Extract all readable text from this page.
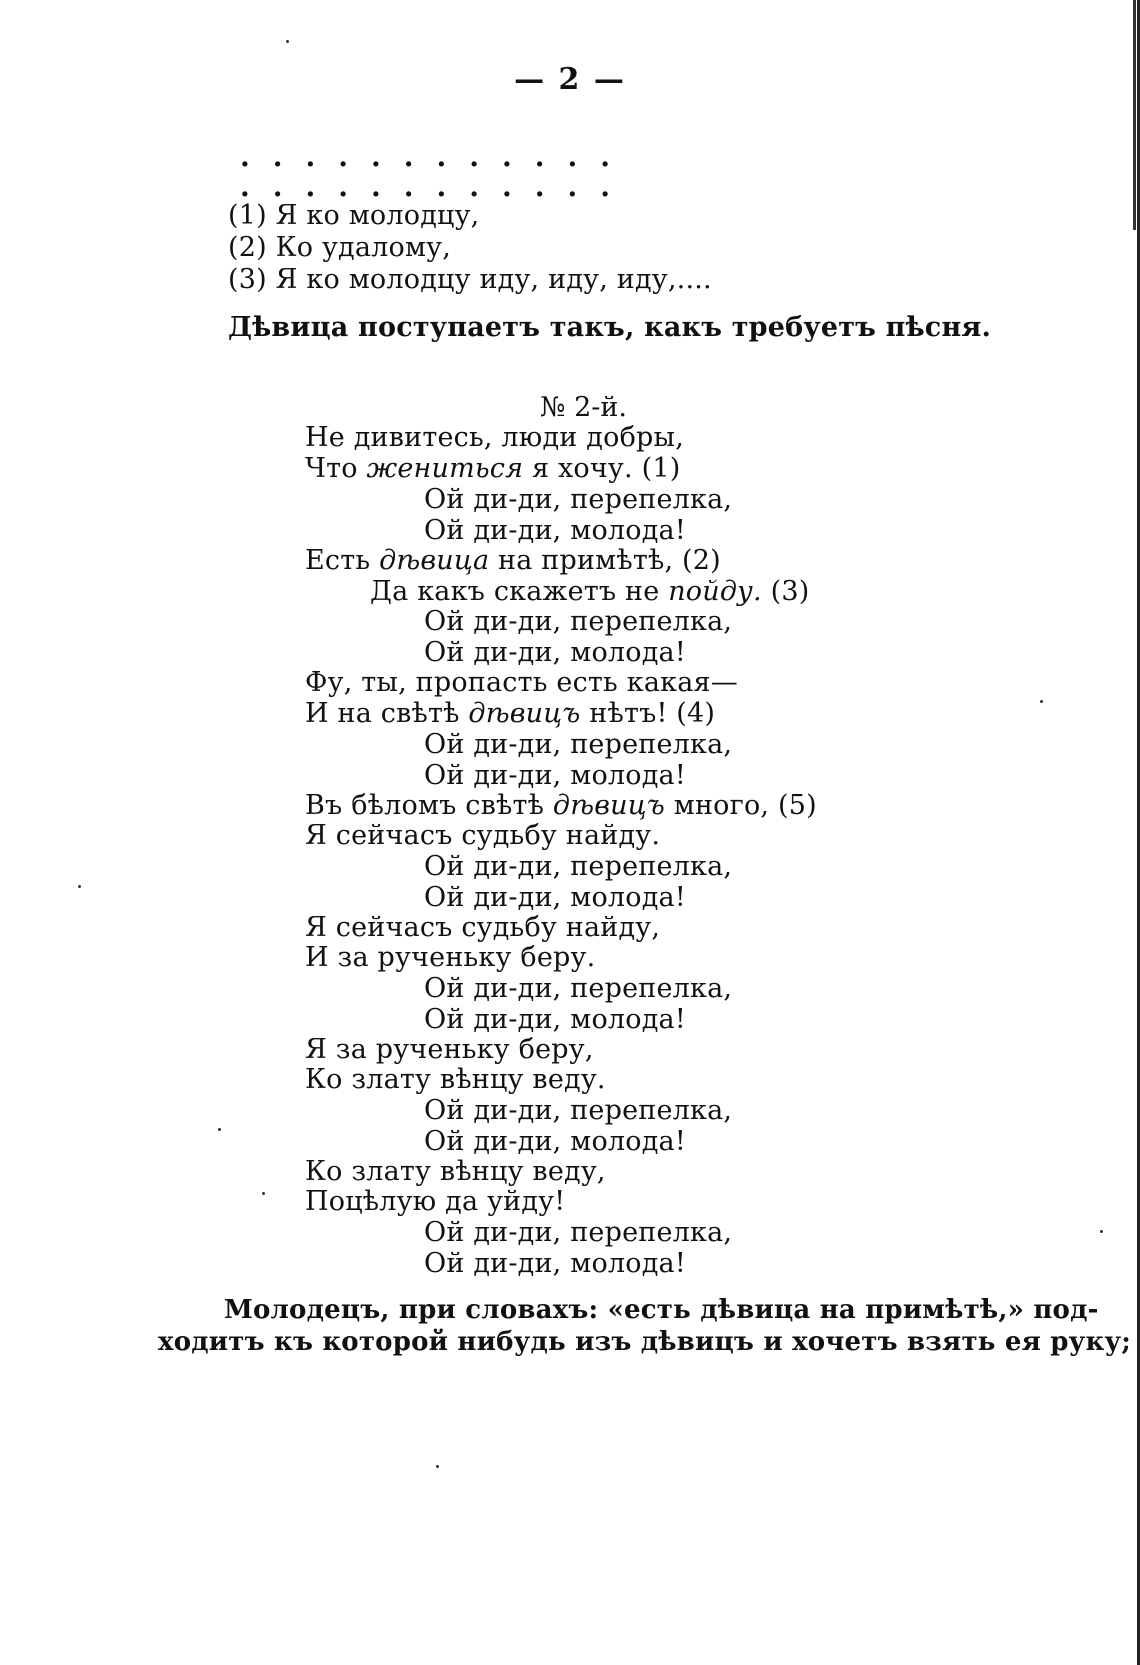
— 2 —
............
............
(1) Я ко молодцу,
(2) Ко удалому,
(3) Я ко молодцу иду, иду, иду,....
Дѣвица поступаетъ такъ, какъ требуетъ пѣсня.
№ 2-й.
Не дивитесь, люди добры,
Что жениться я хочу. (1)
Ой ди-ди, перепелка,
Ой ди-ди, молода!
Есть дѣвица на примѣтѣ, (2)
Да какъ скажетъ не пойду. (3)
Ой ди-ди, перепелка,
Ой ди-ди, молода!
Фу, ты, пропасть есть какая—
И на свѣтѣ дѣвицъ нѣтъ! (4)
Ой ди-ди, перепелка,
Ой ди-ди, молода!
Въ бѣломъ свѣтѣ дѣвицъ много, (5)
Я сейчасъ судьбу найду.
Ой ди-ди, перепелка,
Ой ди-ди, молода!
Я сейчасъ судьбу найду,
И за рученьку беру.
Ой ди-ди, перепелка,
Ой ди-ди, молода!
Я за рученьку беру,
Ко злату вѣнцу веду.
Ой ди-ди, перепелка,
Ой ди-ди, молода!
Ко злату вѣнцу веду,
Поцѣлую да уйду!
Ой ди-ди, перепелка,
Ой ди-ди, молода!
Молодецъ, при словахъ: «есть дѣвица на примѣтѣ,» под-
ходитъ къ которой нибудь изъ дѣвицъ и хочетъ взять ея руку;
